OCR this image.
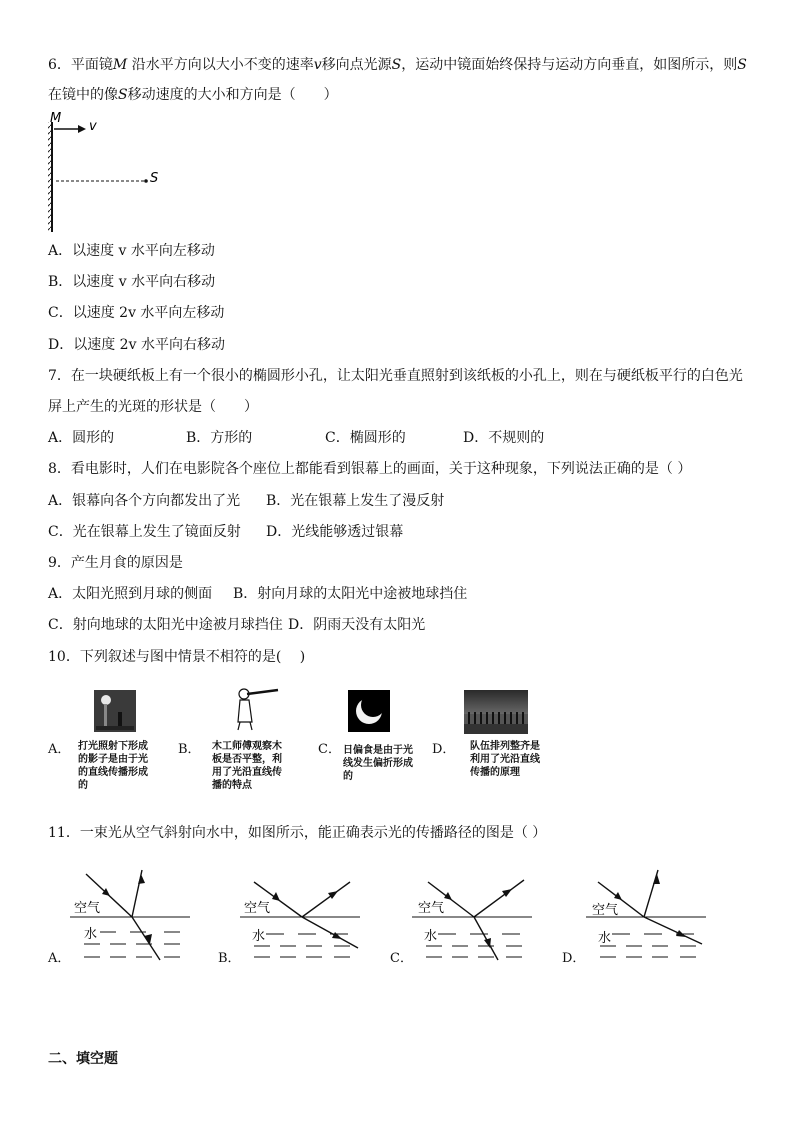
6．平面镜M 沿水平方向以大小不变的速率v移向点光源S，运动中镜面始终保持与运动方向垂直，如图所示，则S
在镜中的像S移动速度的大小和方向是（　　）
M
v
S
A．以速度 v 水平向左移动
B．以速度 v 水平向右移动
C．以速度 2v 水平向左移动
D．以速度 2v 水平向右移动
7．在一块硬纸板上有一个很小的椭圆形小孔，让太阳光垂直照射到该纸板的小孔上，则在与硬纸板平行的白色光
屏上产生的光斑的形状是（　　）
A．圆形的	B．方形的	C．椭圆形的	D．不规则的
8．看电影时，人们在电影院各个座位上都能看到银幕上的画面，关于这种现象，下列说法正确的是（ ）
A．银幕向各个方向都发出了光 B．光在银幕上发生了漫反射
C．光在银幕上发生了镜面反射 D．光线能够透过银幕
9．产生月食的原因是
A．太阳光照到月球的侧面 B．射向月球的太阳光中途被地球挡住
C．射向地球的太阳光中途被月球挡住 D．阴雨天没有太阳光
10．下列叙述与图中情景不相符的是(　 )
A． 打光照射下形成的影子是由于光的直线传播形成的
B． 木工师傅观察木板是否平整，利用了光沿直线传播的特点
C． 日偏食是由于光线发生偏折形成的
D． 队伍排列整齐是利用了光沿直线传播的原理
11．一束光从空气斜射向水中，如图所示，能正确表示光的传播路径的图是（ ）
空气
水
A．
空气
水
B．
空气
水
C．
空气
水
D．
二、填空题
